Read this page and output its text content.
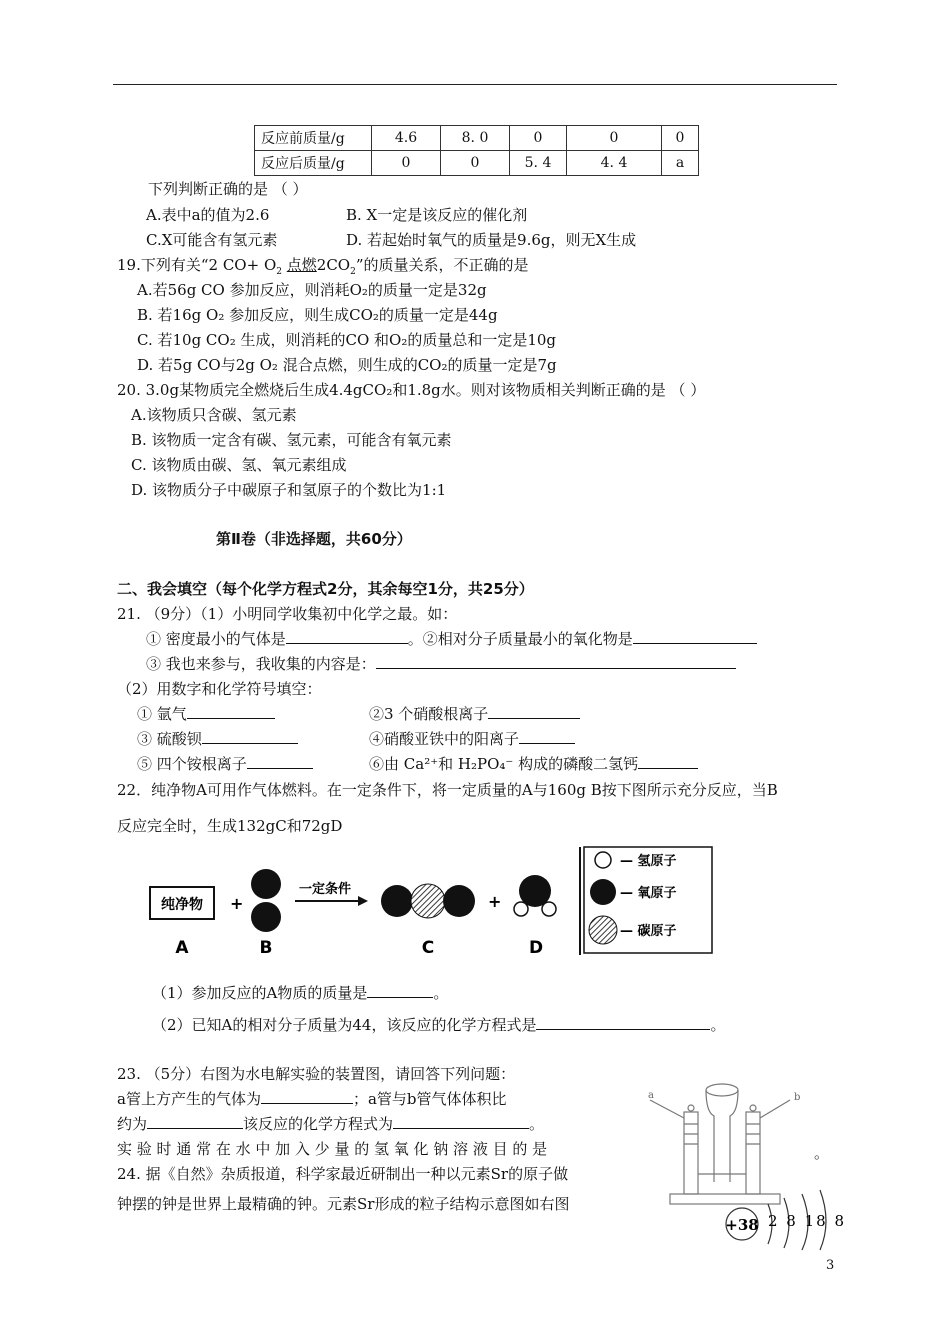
反应前质量/g	4.6	8. 0	0	0	0
反应后质量/g	0	0	5. 4	4. 4	a
下列判断正确的是 （ ）
A.表中a的值为2.6	B. X一定是该反应的催化剂
C.X可能含有氢元素	D. 若起始时氧气的质量是9.6g，则无X生成
19.下列有关“2 $CO+ O_2$ 点燃$2CO_2$”的质量关系，不正确的是
A.若56g CO 参加反应，则消耗O₂的质量一定是32g
B. 若16g O₂ 参加反应，则生成CO₂的质量一定是44g
C. 若10g CO₂ 生成，则消耗的CO 和O₂的质量总和一定是10g
D. 若5g CO与2g O₂ 混合点燃，则生成的CO₂的质量一定是7g
20. 3.0g某物质完全燃烧后生成4.4gCO₂和1.8g水。则对该物质相关判断正确的是 （ ）
A.该物质只含碳、氢元素
B. 该物质一定含有碳、氢元素，可能含有氧元素
C. 该物质由碳、氢、氧元素组成
D. 该物质分子中碳原子和氢原子的个数比为1:1
第Ⅱ卷（非选择题，共60分）
二、我会填空（每个化学方程式2分，其余每空1分，共25分）
21. （9分）（1）小明同学收集初中化学之最。如：
① 密度最小的气体是	。②相对分子质量最小的氧化物是
③ 我也来参与，我收集的内容是：
（2）用数字和化学符号填空：
① 氩气	②3 个硝酸根离子
③ 硫酸钡	④硝酸亚铁中的阳离子
⑤ 四个铵根离子	⑥由 Ca²⁺和 H₂PO₄⁻ 构成的磷酸二氢钙
22．纯净物A可用作气体燃料。在一定条件下，将一定质量的A与160g B按下图所示充分反应，当B
反应完全时，生成132gC和72gD
纯净物 +
一定条件
+
A	B	C	D
— 氢原子
— 氧原子
— 碳原子
（1）参加反应的A物质的质量是	。
（2）已知A的相对分子质量为44，该反应的化学方程式是	。
23. （5分）右图为水电解实验的装置图，请回答下列问题：
a管上方产生的气体为	；a管与b管气体体积比
约为	该反应的化学方程式为	。
实 验 时 通 常 在 水 中 加 入 少 量 的 氢 氧 化 钠 溶 液 目 的 是	。
24. 据《自然》杂质报道，科学家最近研制出一种以元素Sr的原子做
钟摆的钟是世界上最精确的钟。元素Sr形成的粒子结构示意图如右图
a	b
+38 2 8 18 8
3
